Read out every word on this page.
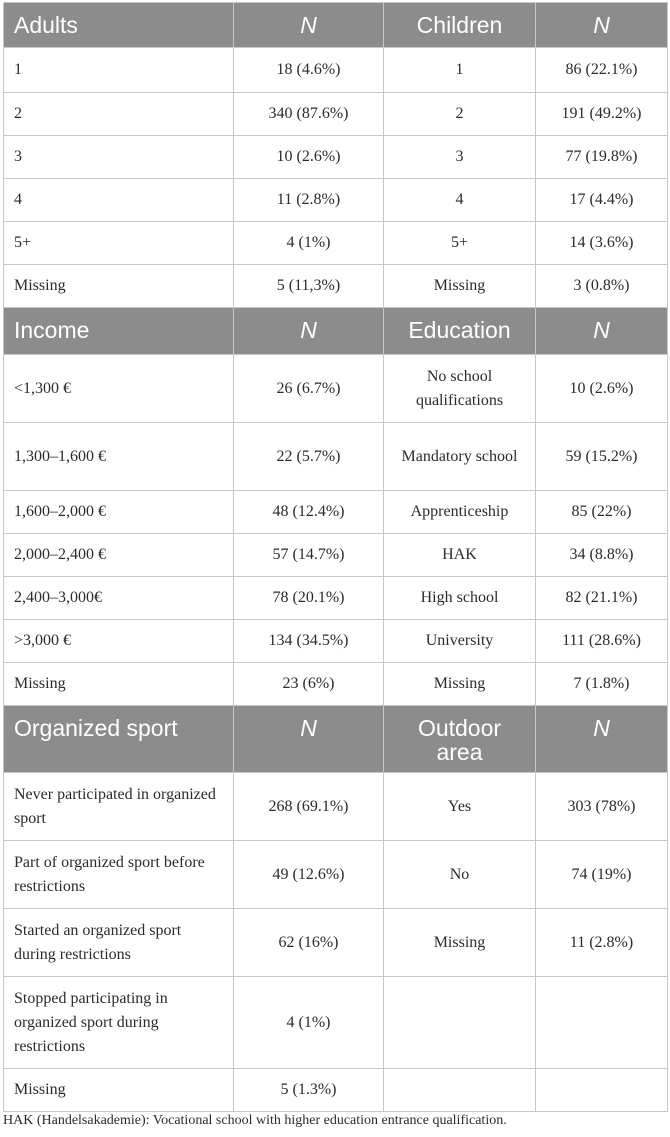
Adults	N	Children	N
1	18 (4.6%)	1	86 (22.1%)
2	340 (87.6%)	2	191 (49.2%)
3	10 (2.6%)	3	77 (19.8%)
4	11 (2.8%)	4	17 (4.4%)
5+	4 (1%)	5+	14 (3.6%)
Missing	5 (11,3%)	Missing	3 (0.8%)
Income	N	Education	N
<1,300 €	26 (6.7%)	No school qualifications	10 (2.6%)
1,300–1,600 €	22 (5.7%)	Mandatory school	59 (15.2%)
1,600–2,000 €	48 (12.4%)	Apprenticeship	85 (22%)
2,000–2,400 €	57 (14.7%)	HAK	34 (8.8%)
2,400–3,000€	78 (20.1%)	High school	82 (21.1%)
>3,000 €	134 (34.5%)	University	111 (28.6%)
Missing	23 (6%)	Missing	7 (1.8%)
Organized sport	N	Outdoor area	N
Never participated in organized sport	268 (69.1%)	Yes	303 (78%)
Part of organized sport before restrictions	49 (12.6%)	No	74 (19%)
Started an organized sport during restrictions	62 (16%)	Missing	11 (2.8%)
Stopped participating in organized sport during restrictions	4 (1%)		
Missing	5 (1.3%)		
HAK (Handelsakademie): Vocational school with higher education entrance qualification.
